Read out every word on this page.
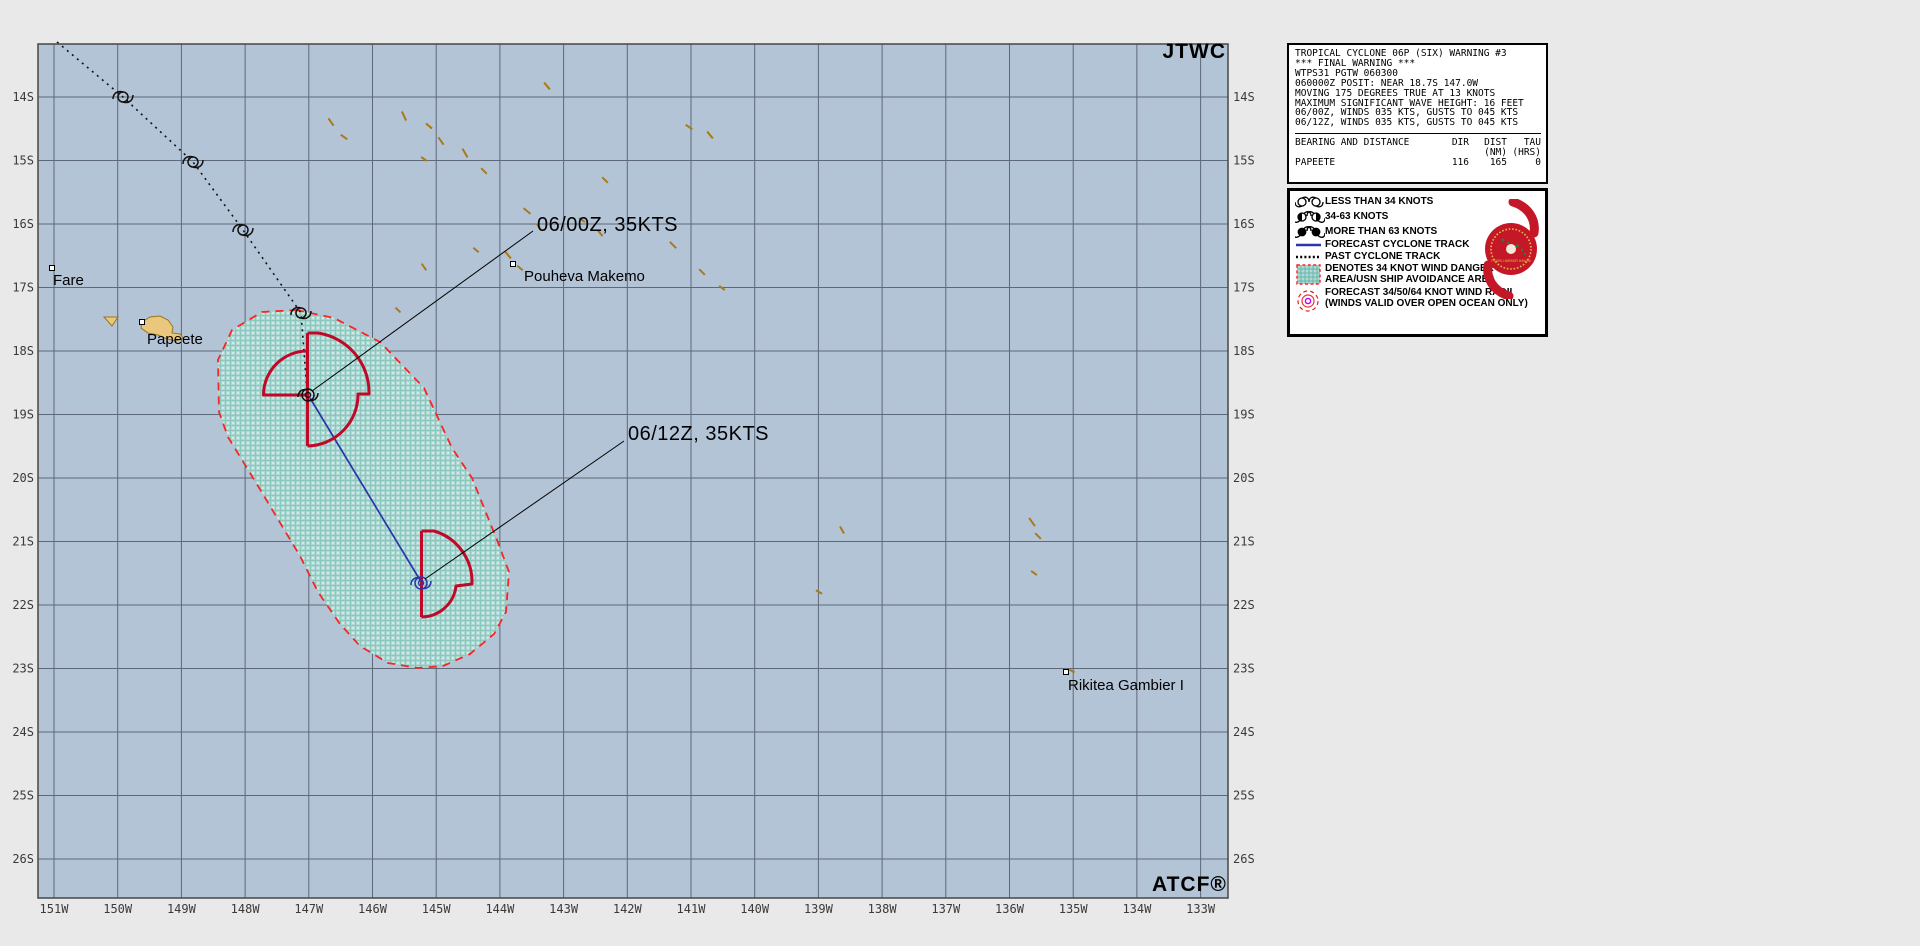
06/00Z, 35KTS
06/12Z, 35KTS
Fare
Papeete
Pouheva Makemo
Rikitea Gambier I
151W	150W	149W	148W	147W	146W	145W	144W	143W	142W	141W	140W	139W	138W	137W	136W	135W	134W	133W
14S	14S
15S	15S
16S	16S
17S	17S
18S	18S
19S	19S
20S	20S
21S	21S
22S	22S
23S	23S
24S	24S
25S	25S
26S	26S
JTWC
ATCF®
TROPICAL CYCLONE 06P (SIX) WARNING #3
*** FINAL WARNING ***
WTPS31 PGTW 060300
060000Z POSIT: NEAR 18.7S 147.0W
MOVING 175 DEGREES TRUE AT 13 KNOTS
MAXIMUM SIGNIFICANT WAVE HEIGHT: 16 FEET
06/00Z, WINDS 035 KTS, GUSTS TO 045 KTS
06/12Z, WINDS 035 KTS, GUSTS TO 045 KTS
BEARING AND DISTANCE	DIR	DIST	TAU
(NM) (HRS)
PAPEETE	116	165	0
LESS THAN 34 KNOTS
34-63 KNOTS
MORE THAN 63 KNOTS
FORECAST CYCLONE TRACK
PAST CYCLONE TRACK
DENOTES 34 KNOT WIND DANGER
AREA/USN SHIP AVOIDANCE AREA
FORECAST 34/50/64 KNOT WIND RADII
(WINDS VALID OVER OPEN OCEAN ONLY)
PEARL HARBOR HAWAII
